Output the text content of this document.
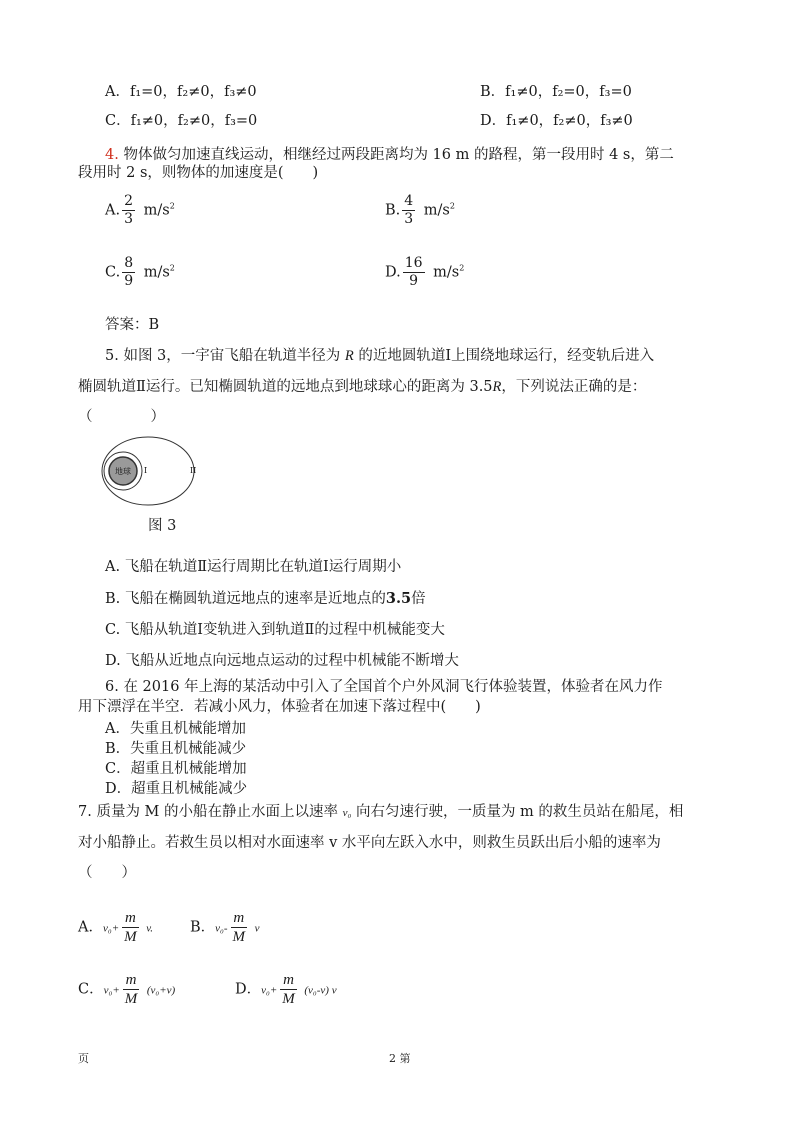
A．f₁=0，f₂≠0，f₃≠0	B．f₁≠0，f₂=0，f₃=0
C．f₁≠0，f₂≠0，f₃=0	D．f₁≠0，f₂≠0，f₃≠0
4. 物体做匀加速直线运动，相继经过两段距离均为 16 m 的路程，第一段用时 4 s，第二
段用时 2 s，则物体的加速度是(　　)
A. $\frac{2}{3} m/s^2$	B. $\frac{4}{3} m/s^2$
C. $\frac{8}{9} m/s^2$	D. $\frac{16}{9} m/s^2$
答案：B
5. 如图 3，一宇宙飞船在轨道半径为 R 的近地圆轨道Ⅰ上围绕地球运行，经变轨后进入
椭圆轨道Ⅱ运行。已知椭圆轨道的远地点到地球球心的距离为 3.5R，下列说法正确的是：
（　　　　）
地球 I	II
图 3
A. 飞船在轨道Ⅱ运行周期比在轨道Ⅰ运行周期小
B. 飞船在椭圆轨道远地点的速率是近地点的3.5倍
C. 飞船从轨道Ⅰ变轨进入到轨道Ⅱ的过程中机械能变大
D. 飞船从近地点向远地点运动的过程中机械能不断增大
6. 在 2016 年上海的某活动中引入了全国首个户外风洞飞行体验装置，体验者在风力作
用下漂浮在半空．若减小风力，体验者在加速下落过程中(　　)
A．失重且机械能增加
B．失重且机械能减少
C．超重且机械能增加
D．超重且机械能减少
7. 质量为 M 的小船在静止水面上以速率 v₀ 向右匀速行驶，一质量为 m 的救生员站在船尾，相
对小船静止。若救生员以相对水面速率 v 水平向左跃入水中，则救生员跃出后小船的速率为
（　　）
A．$v_0+ \frac{m}{M} v$.	B．$v_0- \frac{m}{M}$ v
C．$v_0+ \frac{m}{M} (v_0+v)$	D．$v_0+ \frac{m}{M} (v_0-v)$ v
页	2 第
